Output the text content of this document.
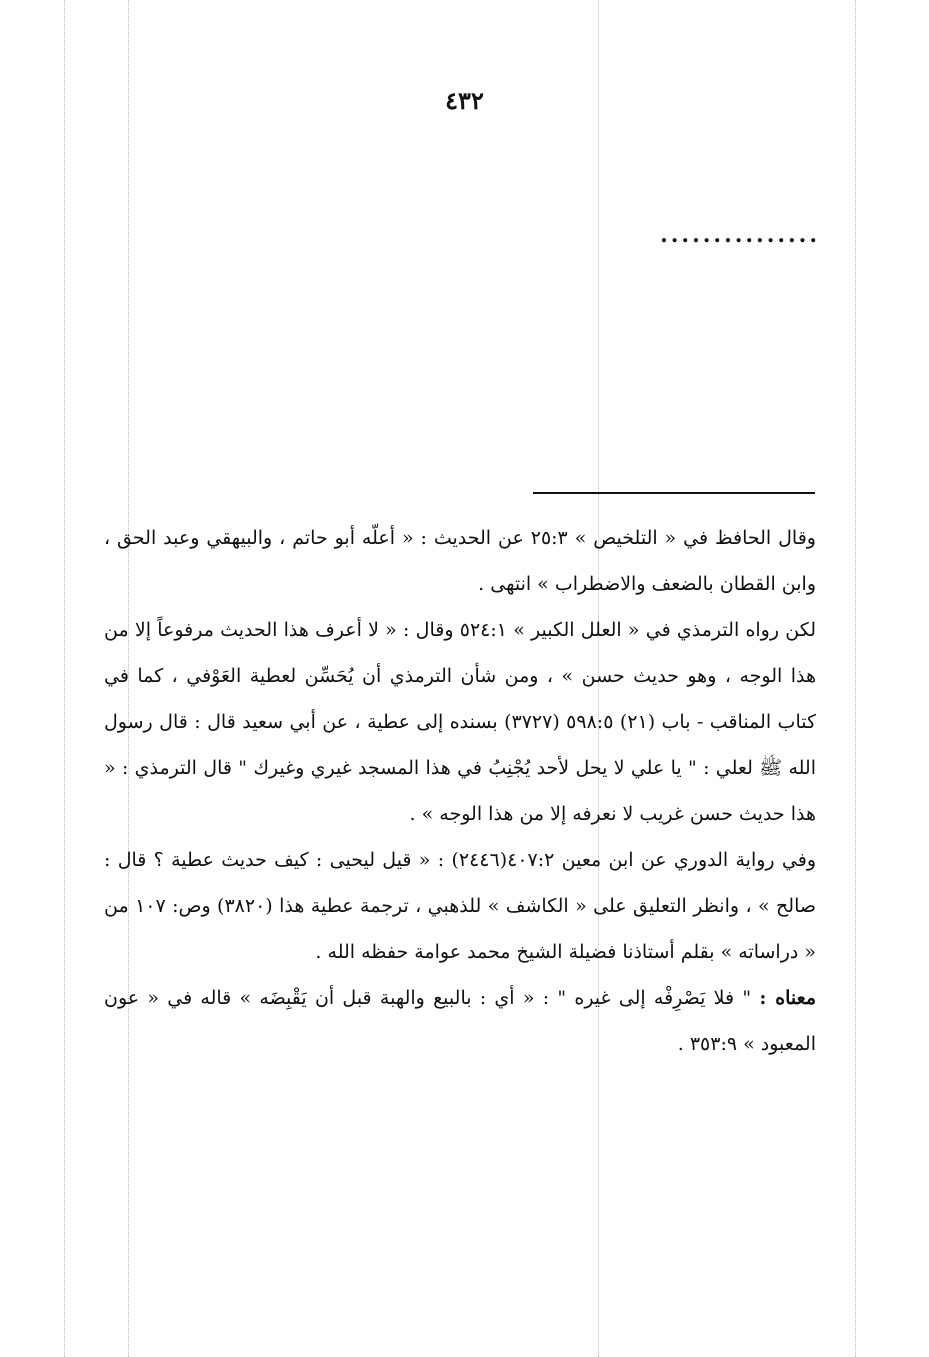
٤٣٢
...............

وقال الحافظ في « التلخيص » ٢٥:٣ عن الحديث : « أعلّه أبو حاتم ، والبيهقي وعبد الحق ، وابن القطان بالضعف والاضطراب » انتهى .

لكن رواه الترمذي في « العلل الكبير » ٥٢٤:١ وقال : « لا أعرف هذا الحديث مرفوعاً إلا من هذا الوجه ، وهو حديث حسن » ، ومن شأن الترمذي أن يُحَسِّن لعطية العَوْفي ، كما في كتاب المناقب - باب (٢١) ٥٩٨:٥ (٣٧٢٧) بسنده إلى عطية ، عن أبي سعيد قال : قال رسول الله ﷺ لعلي : " يا علي لا يحل لأحد يُجْنِبُ في هذا المسجد غيري وغيرك " قال الترمذي : « هذا حديث حسن غريب لا نعرفه إلا من هذا الوجه » .

وفي رواية الدوري عن ابن معين ٤٠٧:٢(٢٤٤٦) : « قيل ليحيى : كيف حديث عطية ؟ قال : صالح » ، وانظر التعليق على « الكاشف » للذهبي ، ترجمة عطية هذا (٣٨٢٠) وص: ١٠٧ من « دراساته » بقلم أستاذنا فضيلة الشيخ محمد عوامة حفظه الله .

معناه : " فلا يَصْرِفْه إلى غيره " : « أي : بالبيع والهبة قبل أن يَقْبِضَه » قاله في « عون المعبود » ٣٥٣:٩ .
